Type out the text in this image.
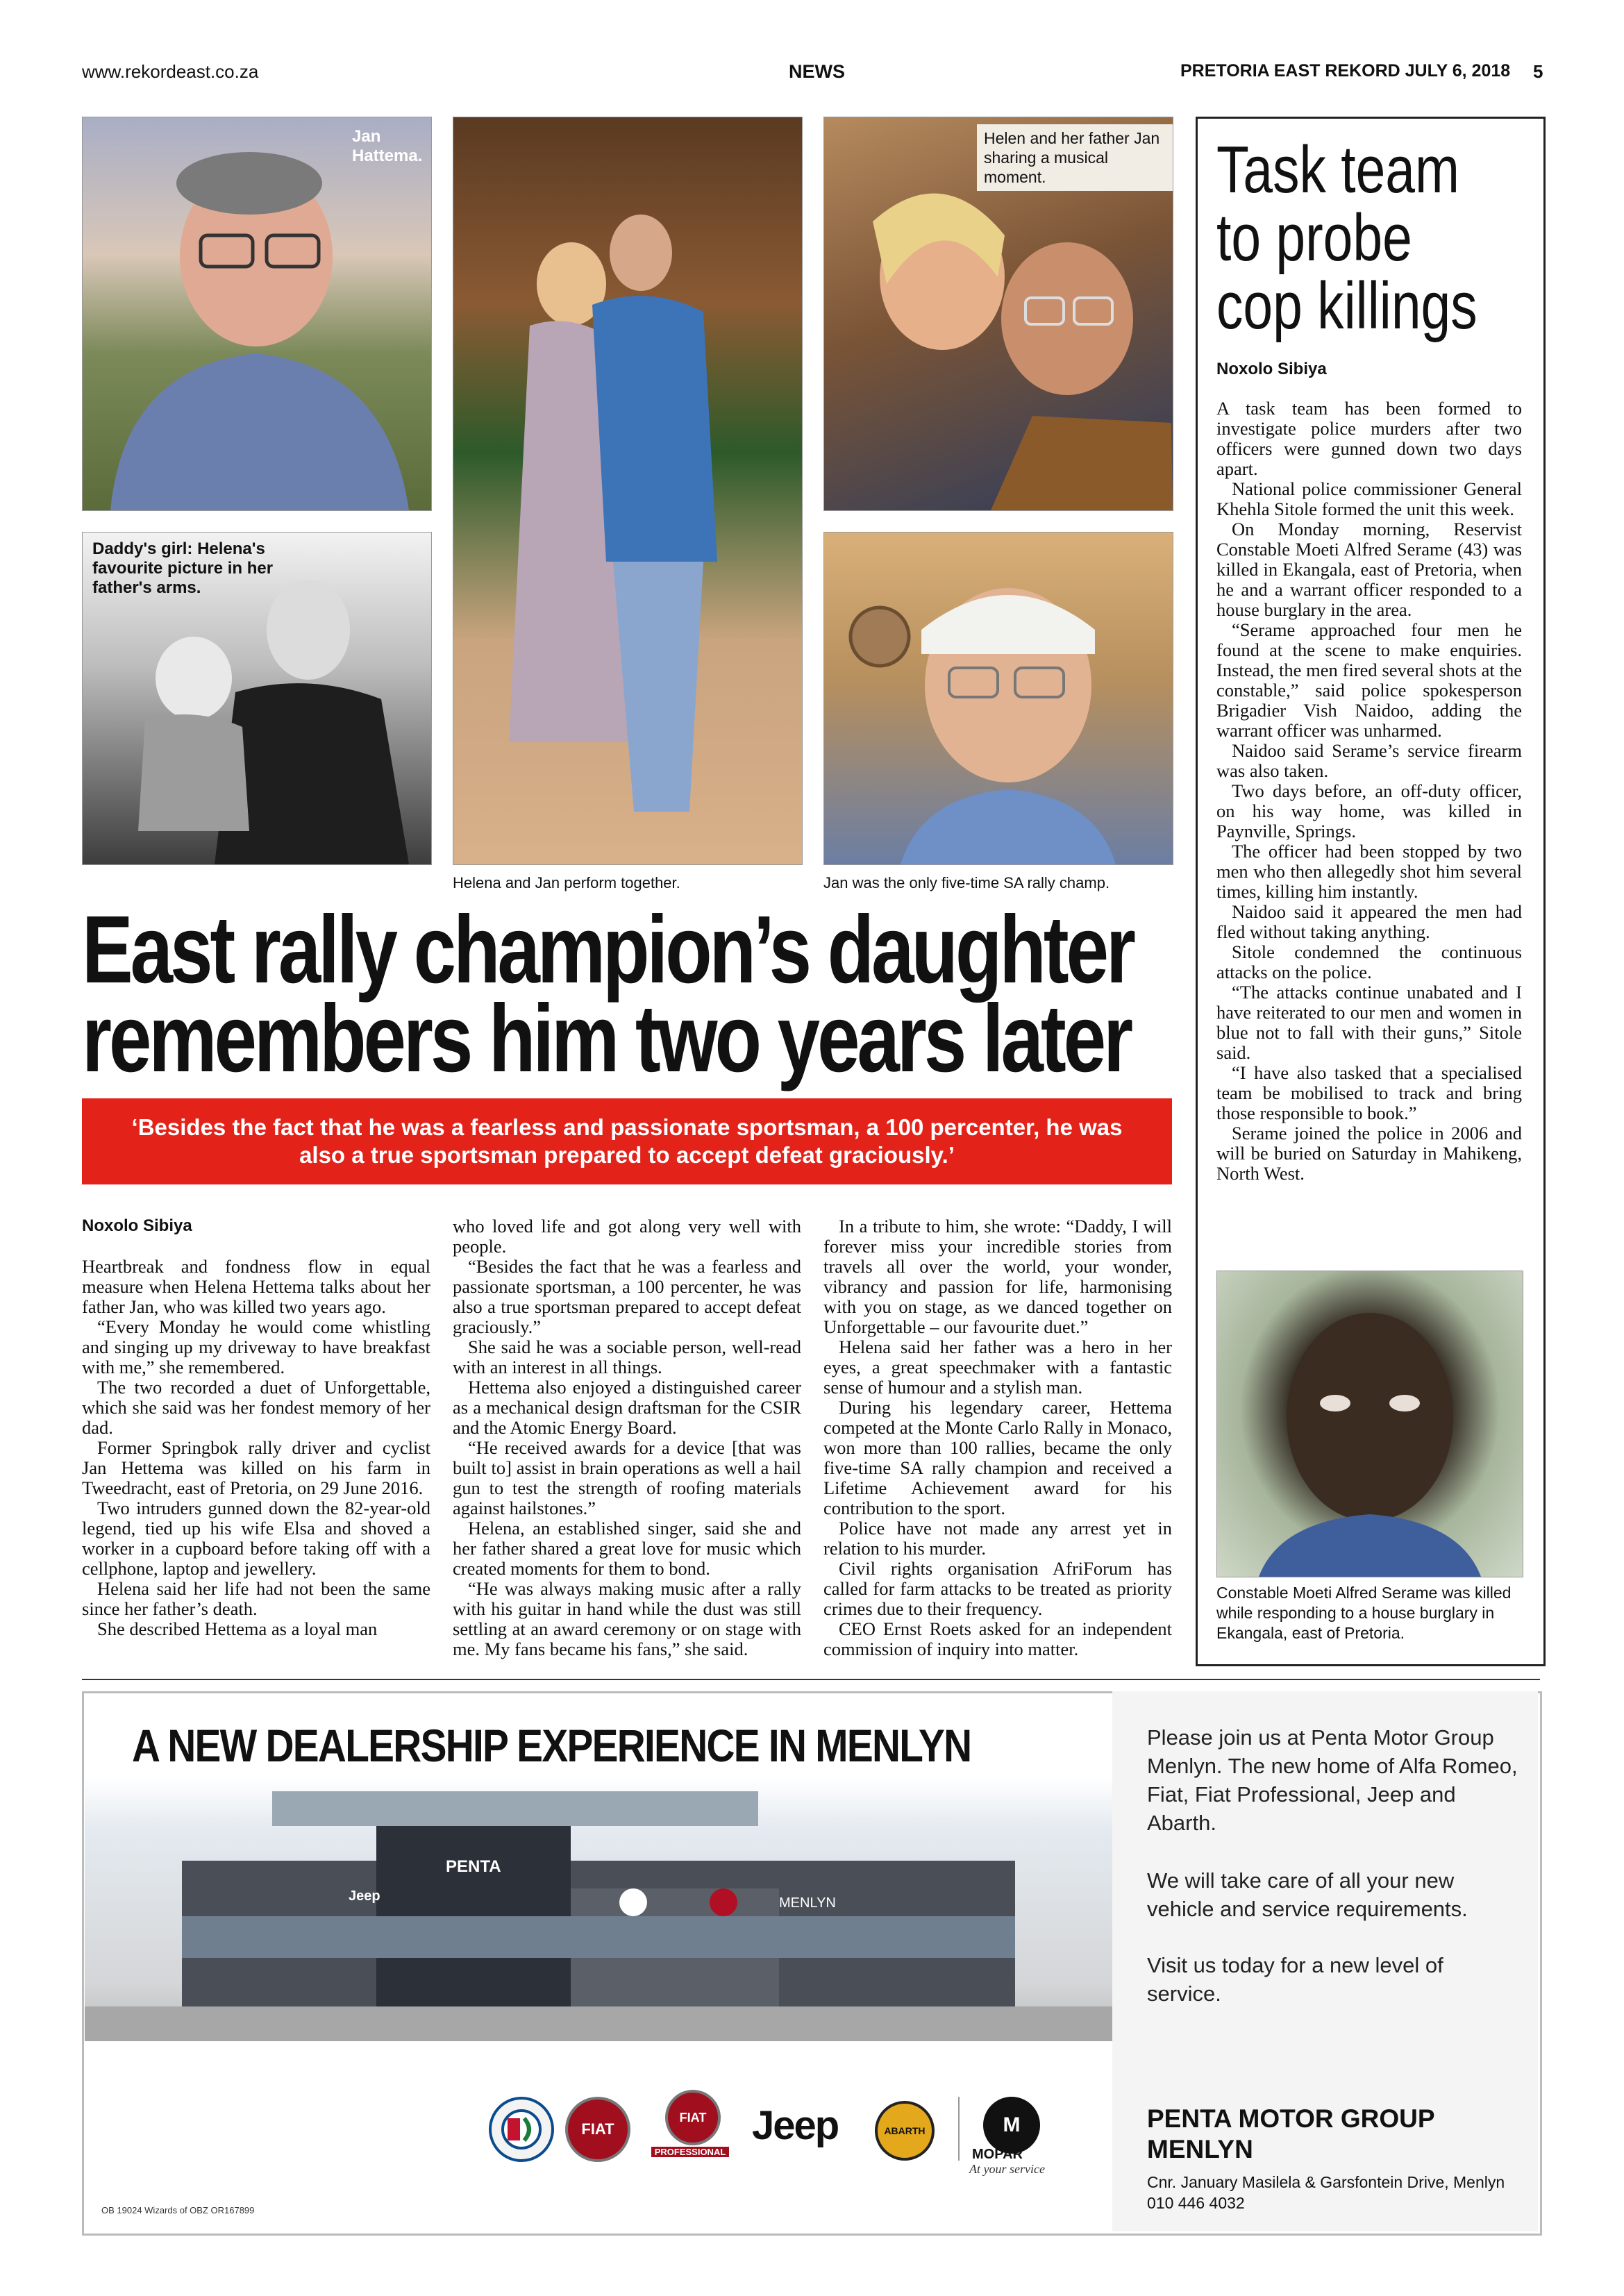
www.rekordeast.co.za	NEWS	PRETORIA EAST REKORD JULY 6, 2018 5
Jan Hattema.
Helen and her father Jan sharing a musical moment.
Daddy's girl: Helena's favourite picture in her father's arms.
Helena and Jan perform together.	Jan was the only five-time SA rally champ.
East rally champion’s daughter
remembers him two years later
‘Besides the fact that he was a fearless and passionate sportsman, a 100 percenter, he was also a true sportsman prepared to accept defeat graciously.’
Noxolo Sibiya

Heartbreak and fondness flow in equal measure when Helena Hettema talks about her father Jan, who was killed two years ago.

“Every Monday he would come whistling and singing up my driveway to have breakfast with me,” she remembered.

The two recorded a duet of Unforgettable, which she said was her fondest memory of her dad.

Former Springbok rally driver and cyclist Jan Hettema was killed on his farm in Tweedracht, east of Pretoria, on 29 June 2016.

Two intruders gunned down the 82-year-old legend, tied up his wife Elsa and shoved a worker in a cupboard before taking off with a cellphone, laptop and jewellery.

Helena said her life had not been the same since her father’s death.

She described Hettema as a loyal man

who loved life and got along very well with people.

“Besides the fact that he was a fearless and passionate sportsman, a 100 percenter, he was also a true sportsman prepared to accept defeat graciously.”

She said he was a sociable person, well-read with an interest in all things.

Hettema also enjoyed a distinguished career as a mechanical design draftsman for the CSIR and the Atomic Energy Board.

“He received awards for a device [that was built to] assist in brain operations as well a hail gun to test the strength of roofing materials against hailstones.”

Helena, an established singer, said she and her father shared a great love for music which created moments for them to bond.

“He was always making music after a rally with his guitar in hand while the dust was still settling at an award ceremony or on stage with me. My fans became his fans,” she said.

In a tribute to him, she wrote: “Daddy, I will forever miss your incredible stories from travels all over the world, your wonder, vibrancy and passion for life, harmonising with you on stage, as we danced together on Unforgettable – our favourite duet.”

Helena said her father was a hero in her eyes, a great speechmaker with a fantastic sense of humour and a stylish man.

During his legendary career, Hettema competed at the Monte Carlo Rally in Monaco, won more than 100 rallies, became the only five-time SA rally champion and received a Lifetime Achievement award for his contribution to the sport.

Police have not made any arrest yet in relation to his murder.

Civil rights organisation AfriForum has called for farm attacks to be treated as priority crimes due to their frequency.

CEO Ernst Roets asked for an independent commission of inquiry into matter.

Task team
to probe
cop killings
Noxolo Sibiya

A task team has been formed to investigate police murders after two officers were gunned down two days apart.

National police commissioner General Khehla Sitole formed the unit this week.

On Monday morning, Reservist Constable Moeti Alfred Serame (43) was killed in Ekangala, east of Pretoria, when he and a warrant officer responded to a house burglary in the area.

“Serame approached four men he found at the scene to make enquiries. Instead, the men fired several shots at the constable,” said police spokesperson Brigadier Vish Naidoo, adding the warrant officer was unharmed.

Naidoo said Serame’s service firearm was also taken.

Two days before, an off-duty officer, on his way home, was killed in Paynville, Springs.

The officer had been stopped by two men who then allegedly shot him several times, killing him instantly.

Naidoo said it appeared the men had fled without taking anything.

Sitole condemned the continuous attacks on the police.

“The attacks continue unabated and I have reiterated to our men and women in blue not to fall with their guns,” Sitole said.

“I have also tasked that a specialised team be mobilised to track and bring those responsible to book.”

Serame joined the police in 2006 and will be buried on Saturday in Mahikeng, North West.

Constable Moeti Alfred Serame was killed while responding to a house burglary in Ekangala, east of Pretoria.
A NEW DEALERSHIP EXPERIENCE IN MENLYN
PENTA
MENLYN
Jeep
FIAT
FIAT
PROFESSIONAL
Jeep	ABARTH	M
MOPAR
At your service
OB 19024 Wizards of OBZ OR167899
Please join us at Penta Motor Group Menlyn. The new home of Alfa Romeo, Fiat, Fiat Professional, Jeep and Abarth.
We will take care of all your new vehicle and service requirements.
Visit us today for a new level of service.
PENTA MOTOR GROUP
MENLYN
Cnr. January Masilela & Garsfontein Drive, Menlyn
010 446 4032
